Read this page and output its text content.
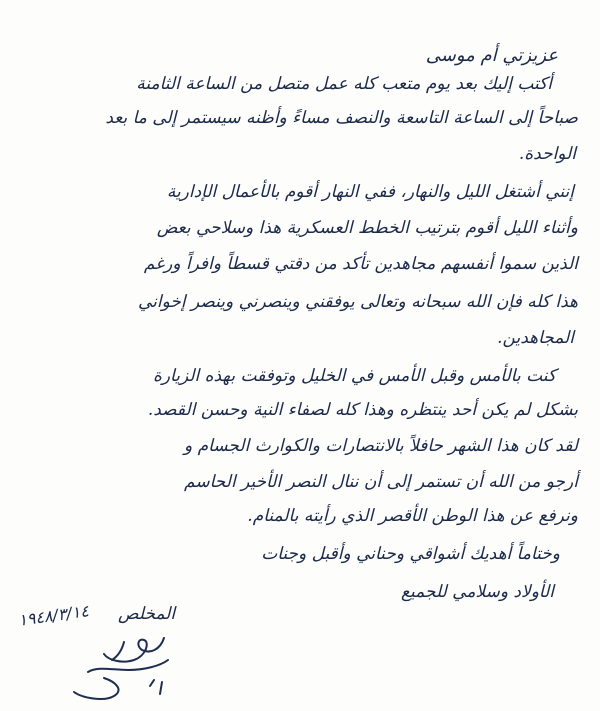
عزيزتي أم موسى
أكتب إليك بعد يوم متعب كله عمل متصل من الساعة الثامنة
صباحاً إلى الساعة التاسعة والنصف مساءً وأظنه سيستمر إلى ما بعد
الواحدة.
إنني أشتغل الليل والنهار، ففي النهار أقوم بالأعمال الإدارية
وأثناء الليل أقوم بترتيب الخطط العسكرية هذا وسلاحي بعض
الذين سموا أنفسهم مجاهدين تأكد من دقتي قسطاً وافراً ورغم
هذا كله فإن الله سبحانه وتعالى يوفقني وينصرني وينصر إخواني
المجاهدين.
كنت بالأمس وقبل الأمس في الخليل وتوفقت بهذه الزيارة
بشكل لم يكن أحد ينتظره وهذا كله لصفاء النية وحسن القصد.
لقد كان هذا الشهر حافلاً بالانتصارات والكوارث الجسام و
أرجو من الله أن تستمر إلى أن ننال النصر الأخير الحاسم
ونرفع عن هذا الوطن الأقصر الذي رأيته بالمنام.
وختاماً أهديك أشواقي وحناني وأقبل وجنات
الأولاد وسلامي للجميع
المخلص
١٩٤٨/٣/١٤
